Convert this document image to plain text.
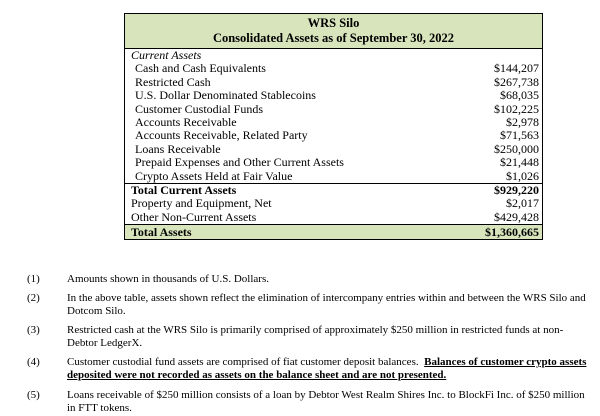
WRS Silo
Consolidated Assets as of September 30, 2022
Current Assets
Cash and Cash Equivalents	$144,207
Restricted Cash	$267,738
U.S. Dollar Denominated Stablecoins	$68,035
Customer Custodial Funds	$102,225
Accounts Receivable	$2,978
Accounts Receivable, Related Party	$71,563
Loans Receivable	$250,000
Prepaid Expenses and Other Current Assets	$21,448
Crypto Assets Held at Fair Value	$1,026
Total Current Assets	$929,220
Property and Equipment, Net	$2,017
Other Non-Current Assets	$429,428
Total Assets	$1,360,665
(1) Amounts shown in thousands of U.S. Dollars.
(2) In the above table, assets shown reflect the elimination of intercompany entries within and between the WRS Silo and Dotcom Silo.
(3) Restricted cash at the WRS Silo is primarily comprised of approximately $250 million in restricted funds at non-Debtor LedgerX.
(4) Customer custodial fund assets are comprised of fiat customer deposit balances. Balances of customer crypto assets deposited were not recorded as assets on the balance sheet and are not presented.
(5) Loans receivable of $250 million consists of a loan by Debtor West Realm Shires Inc. to BlockFi Inc. of $250 million in FTT tokens.
